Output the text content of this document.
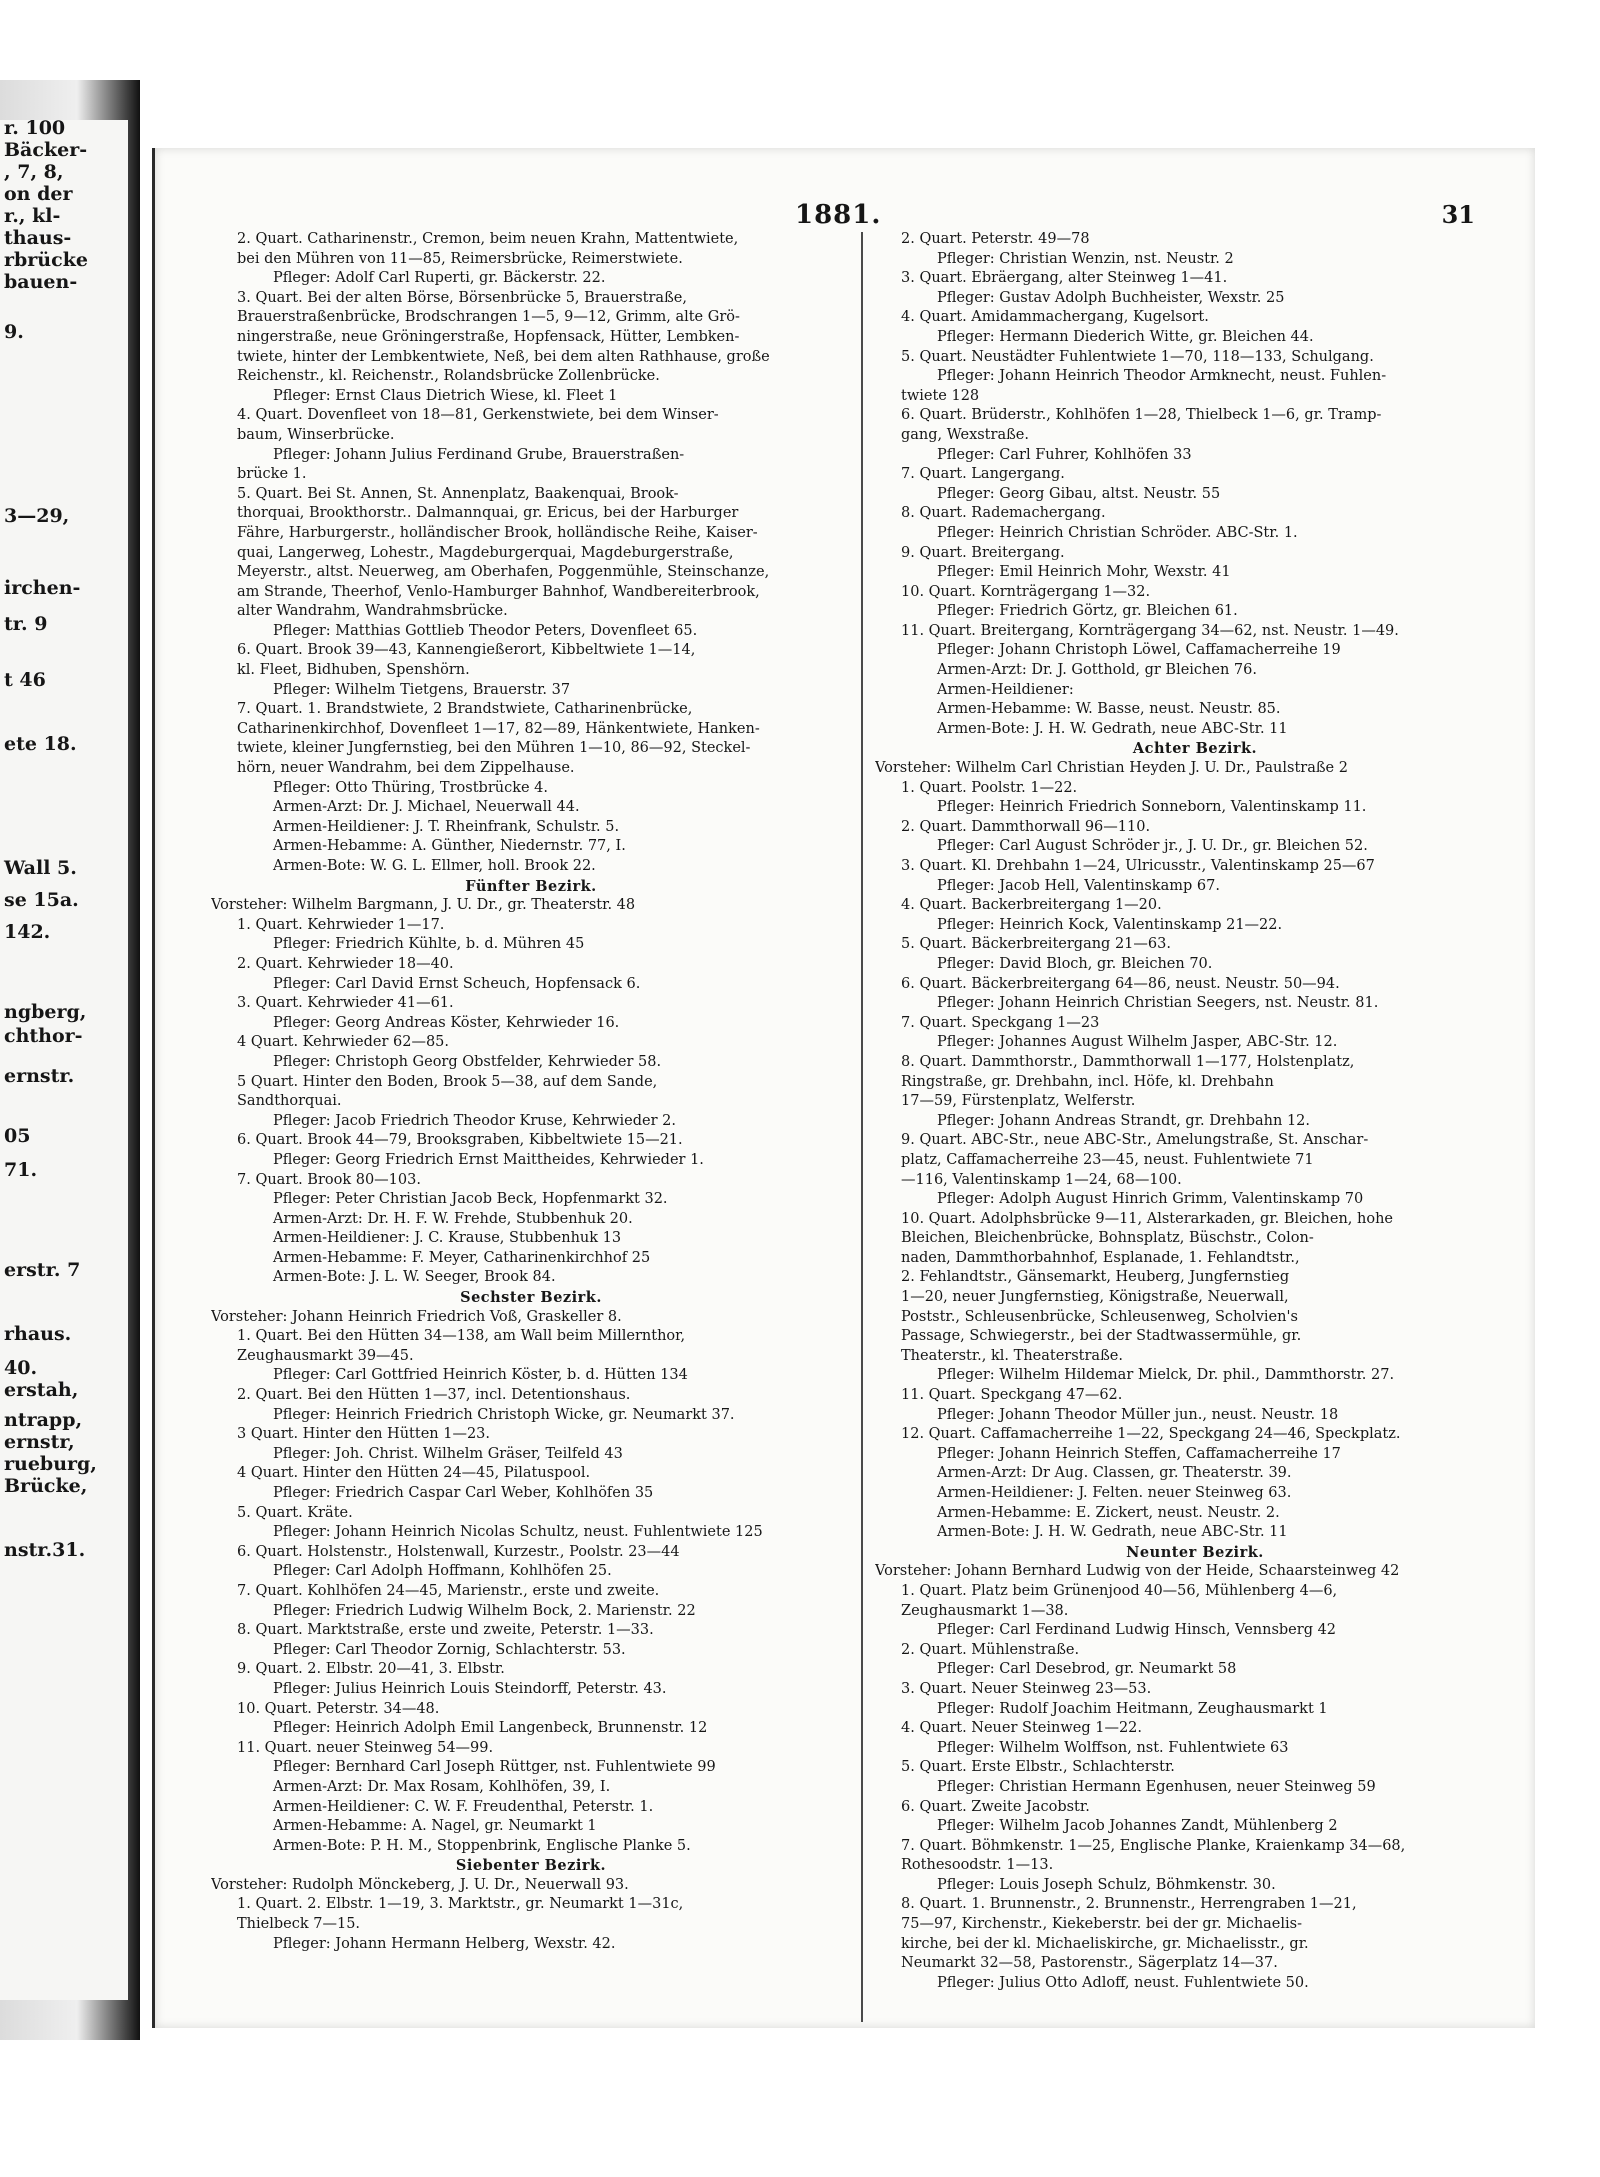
r. 100
Bäcker-
, 7, 8,
on der
r., kl-
thaus-
rbrücke
bauen-
9.
3—29,
irchen-
tr. 9
t 46
ete 18.
Wall 5.
se 15a.
142.
ngberg,
chthor-
ernstr.
05
71.
erstr. 7
rhaus.
40.
erstah,
ntrapp,
ernstr,
rueburg,
Brücke,
nstr.31.
1881.	31
2. Quart. Catharinenstr., Cremon, beim neuen Krahn, Mattentwiete,
bei den Mühren von 11—85, Reimersbrücke, Reimerstwiete.
Pfleger: Adolf Carl Ruperti, gr. Bäckerstr. 22.
3. Quart. Bei der alten Börse, Börsenbrücke 5, Brauerstraße,
Brauerstraßenbrücke, Brodschrangen 1—5, 9—12, Grimm, alte Grö-
ningerstraße, neue Gröningerstraße, Hopfensack, Hütter, Lembken-
twiete, hinter der Lembkentwiete, Neß, bei dem alten Rathhause, große
Reichenstr., kl. Reichenstr., Rolandsbrücke Zollenbrücke.
Pfleger: Ernst Claus Dietrich Wiese, kl. Fleet 1
4. Quart. Dovenfleet von 18—81, Gerkenstwiete, bei dem Winser-
baum, Winserbrücke.
Pfleger: Johann Julius Ferdinand Grube, Brauerstraßen-
brücke 1.
5. Quart. Bei St. Annen, St. Annenplatz, Baakenquai, Brook-
thorquai, Brookthorstr.. Dalmannquai, gr. Ericus, bei der Harburger
Fähre, Harburgerstr., holländischer Brook, holländische Reihe, Kaiser-
quai, Langerweg, Lohestr., Magdeburgerquai, Magdeburgerstraße,
Meyerstr., altst. Neuerweg, am Oberhafen, Poggenmühle, Steinschanze,
am Strande, Theerhof, Venlo-Hamburger Bahnhof, Wandbereiterbrook,
alter Wandrahm, Wandrahmsbrücke.
Pfleger: Matthias Gottlieb Theodor Peters, Dovenfleet 65.
6. Quart. Brook 39—43, Kannengießerort, Kibbeltwiete 1—14,
kl. Fleet, Bidhuben, Spenshörn.
Pfleger: Wilhelm Tietgens, Brauerstr. 37
7. Quart. 1. Brandstwiete, 2 Brandstwiete, Catharinenbrücke,
Catharinenkirchhof, Dovenfleet 1—17, 82—89, Hänkentwiete, Hanken-
twiete, kleiner Jungfernstieg, bei den Mühren 1—10, 86—92, Steckel-
hörn, neuer Wandrahm, bei dem Zippelhause.
Pfleger: Otto Thüring, Trostbrücke 4.
Armen-Arzt: Dr. J. Michael, Neuerwall 44.
Armen-Heildiener: J. T. Rheinfrank, Schulstr. 5.
Armen-Hebamme: A. Günther, Niedernstr. 77, I.
Armen-Bote: W. G. L. Ellmer, holl. Brook 22.
Fünfter Bezirk.
Vorsteher: Wilhelm Bargmann, J. U. Dr., gr. Theaterstr. 48
1. Quart. Kehrwieder 1—17.
Pfleger: Friedrich Kühlte, b. d. Mühren 45
2. Quart. Kehrwieder 18—40.
Pfleger: Carl David Ernst Scheuch, Hopfensack 6.
3. Quart. Kehrwieder 41—61.
Pfleger: Georg Andreas Köster, Kehrwieder 16.
4 Quart. Kehrwieder 62—85.
Pfleger: Christoph Georg Obstfelder, Kehrwieder 58.
5 Quart. Hinter den Boden, Brook 5—38, auf dem Sande,
Sandthorquai.
Pfleger: Jacob Friedrich Theodor Kruse, Kehrwieder 2.
6. Quart. Brook 44—79, Brooksgraben, Kibbeltwiete 15—21.
Pfleger: Georg Friedrich Ernst Maittheides, Kehrwieder 1.
7. Quart. Brook 80—103.
Pfleger: Peter Christian Jacob Beck, Hopfenmarkt 32.
Armen-Arzt: Dr. H. F. W. Frehde, Stubbenhuk 20.
Armen-Heildiener: J. C. Krause, Stubbenhuk 13
Armen-Hebamme: F. Meyer, Catharinenkirchhof 25
Armen-Bote: J. L. W. Seeger, Brook 84.
Sechster Bezirk.
Vorsteher: Johann Heinrich Friedrich Voß, Graskeller 8.
1. Quart. Bei den Hütten 34—138, am Wall beim Millernthor,
Zeughausmarkt 39—45.
Pfleger: Carl Gottfried Heinrich Köster, b. d. Hütten 134
2. Quart. Bei den Hütten 1—37, incl. Detentionshaus.
Pfleger: Heinrich Friedrich Christoph Wicke, gr. Neumarkt 37.
3 Quart. Hinter den Hütten 1—23.
Pfleger: Joh. Christ. Wilhelm Gräser, Teilfeld 43
4 Quart. Hinter den Hütten 24—45, Pilatuspool.
Pfleger: Friedrich Caspar Carl Weber, Kohlhöfen 35
5. Quart. Kräte.
Pfleger: Johann Heinrich Nicolas Schultz, neust. Fuhlentwiete 125
6. Quart. Holstenstr., Holstenwall, Kurzestr., Poolstr. 23—44
Pfleger: Carl Adolph Hoffmann, Kohlhöfen 25.
7. Quart. Kohlhöfen 24—45, Marienstr., erste und zweite.
Pfleger: Friedrich Ludwig Wilhelm Bock, 2. Marienstr. 22
8. Quart. Marktstraße, erste und zweite, Peterstr. 1—33.
Pfleger: Carl Theodor Zornig, Schlachterstr. 53.
9. Quart. 2. Elbstr. 20—41, 3. Elbstr.
Pfleger: Julius Heinrich Louis Steindorff, Peterstr. 43.
10. Quart. Peterstr. 34—48.
Pfleger: Heinrich Adolph Emil Langenbeck, Brunnenstr. 12
11. Quart. neuer Steinweg 54—99.
Pfleger: Bernhard Carl Joseph Rüttger, nst. Fuhlentwiete 99
Armen-Arzt: Dr. Max Rosam, Kohlhöfen, 39, I.
Armen-Heildiener: C. W. F. Freudenthal, Peterstr. 1.
Armen-Hebamme: A. Nagel, gr. Neumarkt 1
Armen-Bote: P. H. M., Stoppenbrink, Englische Planke 5.
Siebenter Bezirk.
Vorsteher: Rudolph Mönckeberg, J. U. Dr., Neuerwall 93.
1. Quart. 2. Elbstr. 1—19, 3. Marktstr., gr. Neumarkt 1—31c,
Thielbeck 7—15.
Pfleger: Johann Hermann Helberg, Wexstr. 42.
2. Quart. Peterstr. 49—78
Pfleger: Christian Wenzin, nst. Neustr. 2
3. Quart. Ebräergang, alter Steinweg 1—41.
Pfleger: Gustav Adolph Buchheister, Wexstr. 25
4. Quart. Amidammachergang, Kugelsort.
Pfleger: Hermann Diederich Witte, gr. Bleichen 44.
5. Quart. Neustädter Fuhlentwiete 1—70, 118—133, Schulgang.
Pfleger: Johann Heinrich Theodor Armknecht, neust. Fuhlen-
twiete 128
6. Quart. Brüderstr., Kohlhöfen 1—28, Thielbeck 1—6, gr. Tramp-
gang, Wexstraße.
Pfleger: Carl Fuhrer, Kohlhöfen 33
7. Quart. Langergang.
Pfleger: Georg Gibau, altst. Neustr. 55
8. Quart. Rademachergang.
Pfleger: Heinrich Christian Schröder. ABC-Str. 1.
9. Quart. Breitergang.
Pfleger: Emil Heinrich Mohr, Wexstr. 41
10. Quart. Kornträgergang 1—32.
Pfleger: Friedrich Görtz, gr. Bleichen 61.
11. Quart. Breitergang, Kornträgergang 34—62, nst. Neustr. 1—49.
Pfleger: Johann Christoph Löwel, Caffamacherreihe 19
Armen-Arzt: Dr. J. Gotthold, gr Bleichen 76.
Armen-Heildiener:
Armen-Hebamme: W. Basse, neust. Neustr. 85.
Armen-Bote: J. H. W. Gedrath, neue ABC-Str. 11
Achter Bezirk.
Vorsteher: Wilhelm Carl Christian Heyden J. U. Dr., Paulstraße 2
1. Quart. Poolstr. 1—22.
Pfleger: Heinrich Friedrich Sonneborn, Valentinskamp 11.
2. Quart. Dammthorwall 96—110.
Pfleger: Carl August Schröder jr., J. U. Dr., gr. Bleichen 52.
3. Quart. Kl. Drehbahn 1—24, Ulricusstr., Valentinskamp 25—67
Pfleger: Jacob Hell, Valentinskamp 67.
4. Quart. Backerbreitergang 1—20.
Pfleger: Heinrich Kock, Valentinskamp 21—22.
5. Quart. Bäckerbreitergang 21—63.
Pfleger: David Bloch, gr. Bleichen 70.
6. Quart. Bäckerbreitergang 64—86, neust. Neustr. 50—94.
Pfleger: Johann Heinrich Christian Seegers, nst. Neustr. 81.
7. Quart. Speckgang 1—23
Pfleger: Johannes August Wilhelm Jasper, ABC-Str. 12.
8. Quart. Dammthorstr., Dammthorwall 1—177, Holstenplatz,
Ringstraße, gr. Drehbahn, incl. Höfe, kl. Drehbahn
17—59, Fürstenplatz, Welferstr.
Pfleger: Johann Andreas Strandt, gr. Drehbahn 12.
9. Quart. ABC-Str., neue ABC-Str., Amelungstraße, St. Anschar-
platz, Caffamacherreihe 23—45, neust. Fuhlentwiete 71
—116, Valentinskamp 1—24, 68—100.
Pfleger: Adolph August Hinrich Grimm, Valentinskamp 70
10. Quart. Adolphsbrücke 9—11, Alsterarkaden, gr. Bleichen, hohe
Bleichen, Bleichenbrücke, Bohnsplatz, Büschstr., Colon-
naden, Dammthorbahnhof, Esplanade, 1. Fehlandtstr.,
2. Fehlandtstr., Gänsemarkt, Heuberg, Jungfernstieg
1—20, neuer Jungfernstieg, Königstraße, Neuerwall,
Poststr., Schleusenbrücke, Schleusenweg, Scholvien's
Passage, Schwiegerstr., bei der Stadtwassermühle, gr.
Theaterstr., kl. Theaterstraße.
Pfleger: Wilhelm Hildemar Mielck, Dr. phil., Dammthorstr. 27.
11. Quart. Speckgang 47—62.
Pfleger: Johann Theodor Müller jun., neust. Neustr. 18
12. Quart. Caffamacherreihe 1—22, Speckgang 24—46, Speckplatz.
Pfleger: Johann Heinrich Steffen, Caffamacherreihe 17
Armen-Arzt: Dr Aug. Classen, gr. Theaterstr. 39.
Armen-Heildiener: J. Felten. neuer Steinweg 63.
Armen-Hebamme: E. Zickert, neust. Neustr. 2.
Armen-Bote: J. H. W. Gedrath, neue ABC-Str. 11
Neunter Bezirk.
Vorsteher: Johann Bernhard Ludwig von der Heide, Schaarsteinweg 42
1. Quart. Platz beim Grünenjood 40—56, Mühlenberg 4—6,
Zeughausmarkt 1—38.
Pfleger: Carl Ferdinand Ludwig Hinsch, Vennsberg 42
2. Quart. Mühlenstraße.
Pfleger: Carl Desebrod, gr. Neumarkt 58
3. Quart. Neuer Steinweg 23—53.
Pfleger: Rudolf Joachim Heitmann, Zeughausmarkt 1
4. Quart. Neuer Steinweg 1—22.
Pfleger: Wilhelm Wolffson, nst. Fuhlentwiete 63
5. Quart. Erste Elbstr., Schlachterstr.
Pfleger: Christian Hermann Egenhusen, neuer Steinweg 59
6. Quart. Zweite Jacobstr.
Pfleger: Wilhelm Jacob Johannes Zandt, Mühlenberg 2
7. Quart. Böhmkenstr. 1—25, Englische Planke, Kraienkamp 34—68,
Rothesoodstr. 1—13.
Pfleger: Louis Joseph Schulz, Böhmkenstr. 30.
8. Quart. 1. Brunnenstr., 2. Brunnenstr., Herrengraben 1—21,
75—97, Kirchenstr., Kiekeberstr. bei der gr. Michaelis-
kirche, bei der kl. Michaeliskirche, gr. Michaelisstr., gr.
Neumarkt 32—58, Pastorenstr., Sägerplatz 14—37.
Pfleger: Julius Otto Adloff, neust. Fuhlentwiete 50.
